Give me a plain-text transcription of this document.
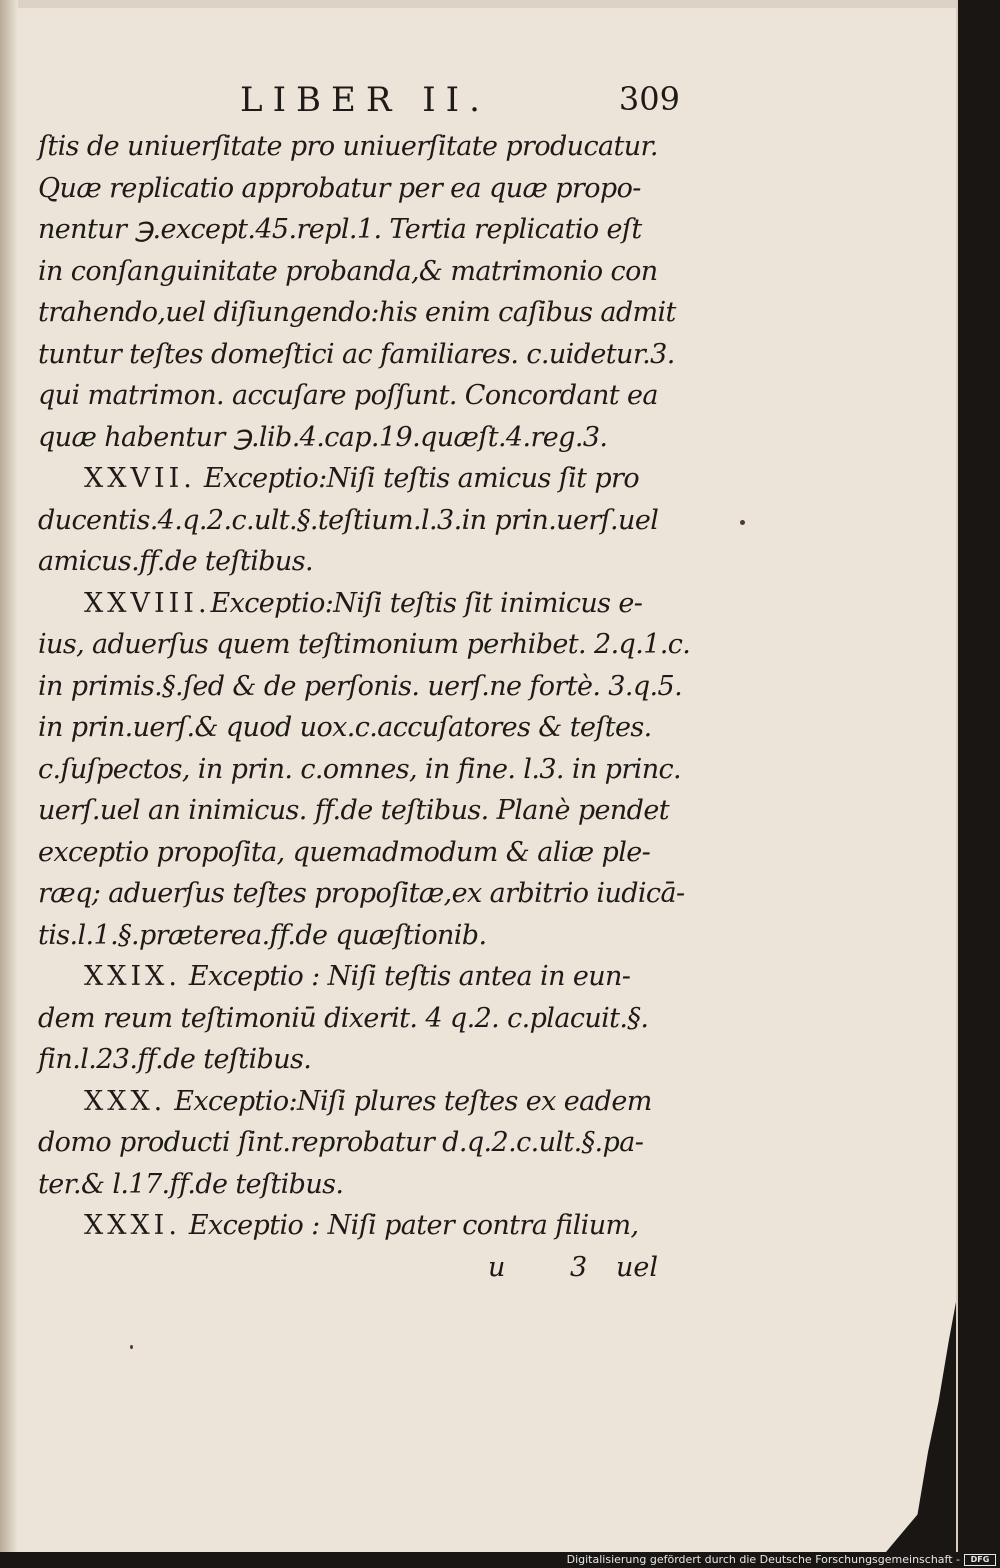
LIBER II.	309
ſtis de uniuerſitate pro uniuerſitate producatur.
Quæ replicatio approbatur per ea quæ propo-
nentur ℈.except.45.repl.1. Tertia replicatio eſt
in conſanguinitate probanda,& matrimonio con
trahendo,uel diſiungendo:his enim caſibus admit
tuntur teſtes domeſtici ac familiares. c.uidetur.3.
qui matrimon. accuſare poſſunt. Concordant ea
quæ habentur ℈.lib.4.cap.19.quæſt.4.reg.3.
XXVII. Exceptio:Niſi teſtis amicus ſit pro
ducentis.4.q.2.c.ult.§.teſtium.l.3.in prin.uerſ.uel
amicus.ff.de teſtibus.
XXVIII.Exceptio:Niſi teſtis ſit inimicus e-
ius, aduerſus quem teſtimonium perhibet. 2.q.1.c.
in primis.§.ſed & de perſonis. uerſ.ne fortè. 3.q.5.
in prin.uerſ.& quod uox.c.accuſatores & teſtes.
c.ſuſpectos, in prin. c.omnes, in fine. l.3. in princ.
uerſ.uel an inimicus. ff.de teſtibus. Planè pendet
exceptio propoſita, quemadmodum & aliæ ple-
ræq; aduerſus teſtes propoſitæ,ex arbitrio iudicā-
tis.l.1.§.præterea.ff.de quæſtionib.
XXIX. Exceptio : Niſi teſtis antea in eun-
dem reum teſtimoniū dixerit. 4 q.2. c.placuit.§.
fin.l.23.ff.de teſtibus.
XXX. Exceptio:Niſi plures teſtes ex eadem
domo producti ſint.reprobatur d.q.2.c.ult.§.pa-
ter.& l.17.ff.de teſtibus.
XXXI. Exceptio : Niſi pater contra filium,
u 3 uel
Digitalisierung gefördert durch die Deutsche Forschungsgemeinschaft -	DFG
